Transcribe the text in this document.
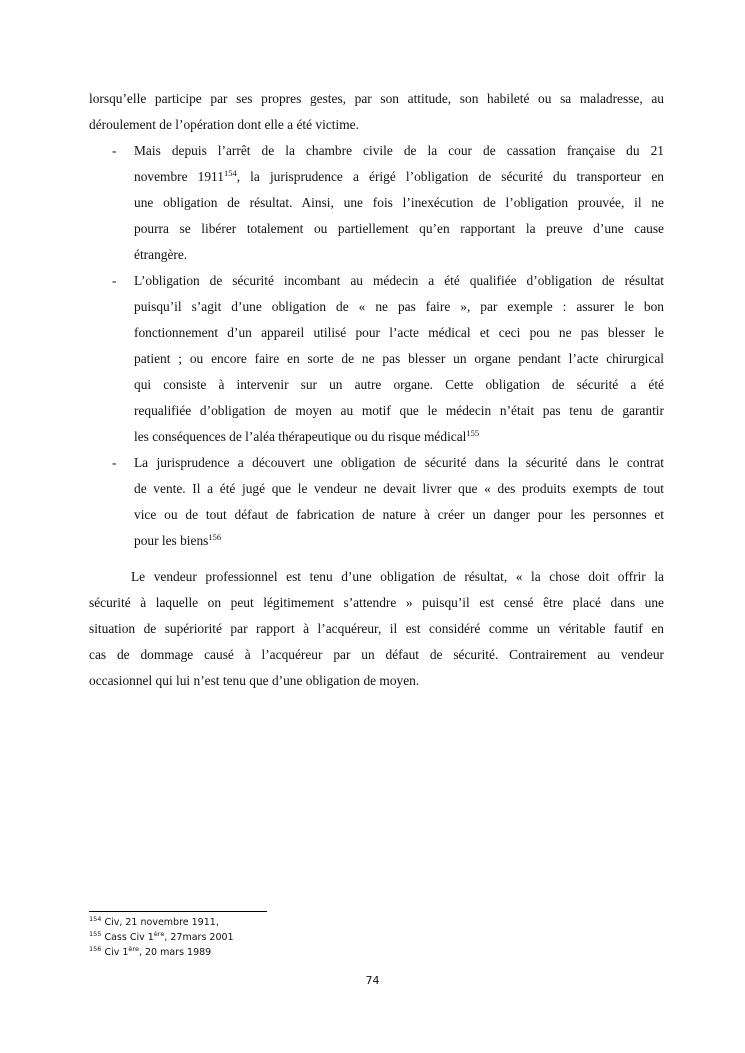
lorsqu’elle participe par ses propres gestes, par son attitude, son habileté ou sa maladresse, au
déroulement de l’opération dont elle a été victime.
-	Mais depuis l’arrêt de la chambre civile de la cour de cassation française du 21
novembre 1911$^{154}$, la jurisprudence a érigé l’obligation de sécurité du transporteur en
une obligation de résultat. Ainsi, une fois l’inexécution de l’obligation prouvée, il ne
pourra se libérer totalement ou partiellement qu’en rapportant la preuve d’une cause
étrangère.
-	L’obligation de sécurité incombant au médecin a été qualifiée d’obligation de résultat
puisqu’il s’agit d’une obligation de « ne pas faire », par exemple : assurer le bon
fonctionnement d’un appareil utilisé pour l’acte médical et ceci pou ne pas blesser le
patient ; ou encore faire en sorte de ne pas blesser un organe pendant l’acte chirurgical
qui consiste à intervenir sur un autre organe. Cette obligation de sécurité a été
requalifiée d’obligation de moyen au motif que le médecin n’était pas tenu de garantir
les conséquences de l’aléa thérapeutique ou du risque médical$^{155}$
-	La jurisprudence a découvert une obligation de sécurité dans la sécurité dans le contrat
de vente. Il a été jugé que le vendeur ne devait livrer que « des produits exempts de tout
vice ou de tout défaut de fabrication de nature à créer un danger pour les personnes et
pour les biens$^{156}$
Le vendeur professionnel est tenu d’une obligation de résultat, « la chose doit offrir la
sécurité à laquelle on peut légitimement s’attendre » puisqu’il est censé être placé dans une
situation de supériorité par rapport à l’acquéreur, il est considéré comme un véritable fautif en
cas de dommage causé à l’acquéreur par un défaut de sécurité. Contrairement au vendeur
occasionnel qui lui n’est tenu que d’une obligation de moyen.
$^{154}$ Civ, 21 novembre 1911,
$^{155}$ Cass Civ 1ère, 27mars 2001
$^{156}$ Civ 1ère, 20 mars 1989
74
